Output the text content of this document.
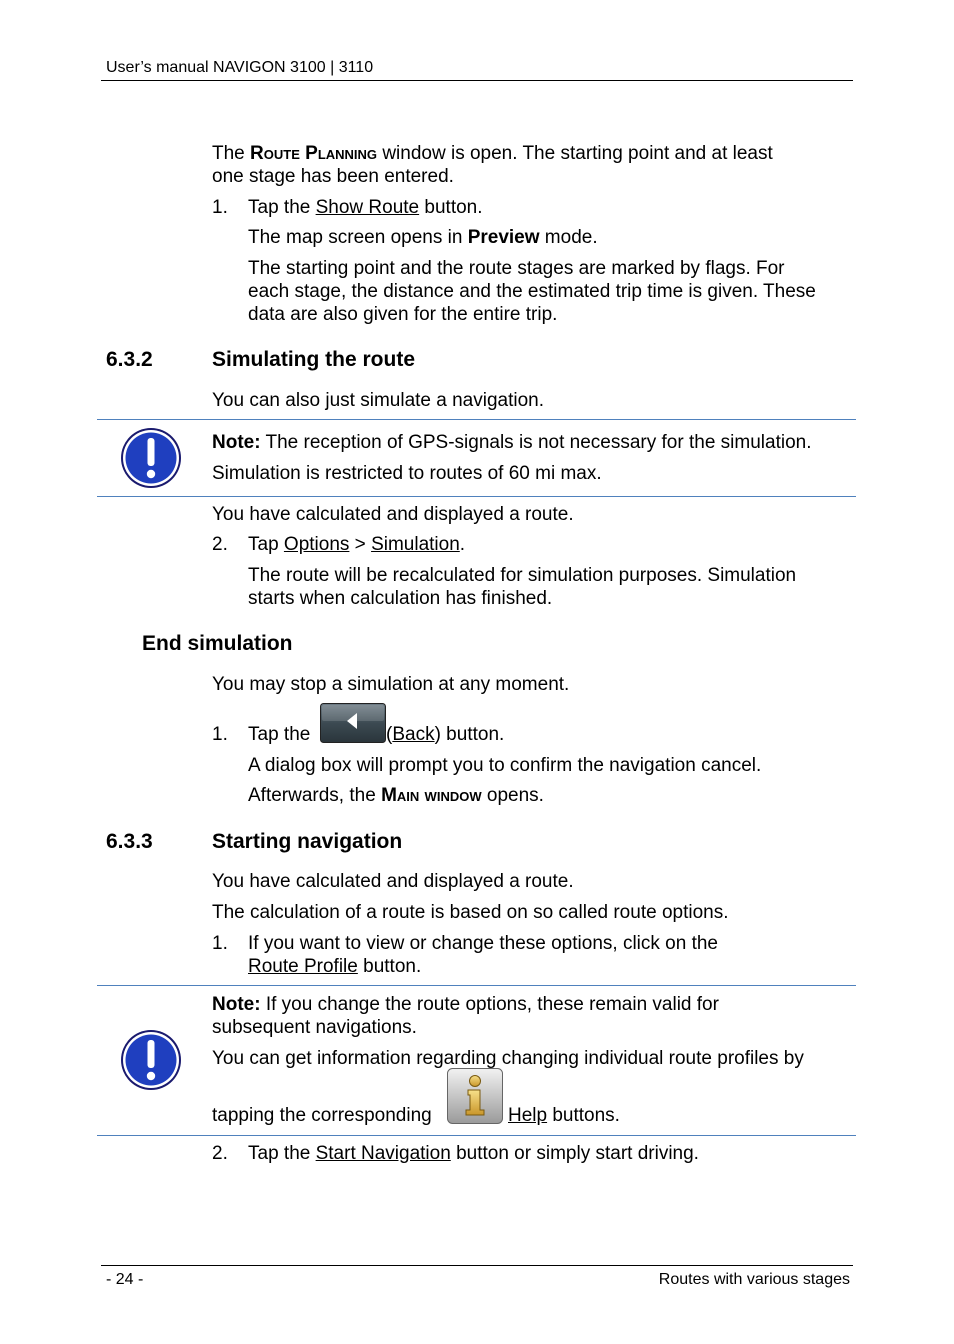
User’s manual NAVIGON 3100 | 3110
The Route Planning window is open. The starting point and at least
one stage has been entered.
1. Tap the Show Route button.
The map screen opens in Preview mode.
The starting point and the route stages are marked by flags. For
each stage, the distance and the estimated trip time is given. These
data are also given for the entire trip.
6.3.2	Simulating the route
You can also just simulate a navigation.
Note: The reception of GPS-signals is not necessary for the simulation.
Simulation is restricted to routes of 60 mi max.
You have calculated and displayed a route.
2. Tap Options > Simulation.
The route will be recalculated for simulation purposes. Simulation
starts when calculation has finished.
End simulation
You may stop a simulation at any moment.
1. Tap the	(Back) button.
A dialog box will prompt you to confirm the navigation cancel.
Afterwards, the Main window opens.
6.3.3	Starting navigation
You have calculated and displayed a route.
The calculation of a route is based on so called route options.
1. If you want to view or change these options, click on the
Route Profile button.
Note: If you change the route options, these remain valid for
subsequent navigations.
You can get information regarding changing individual route profiles by
tapping the corresponding	Help buttons.
2. Tap the Start Navigation button or simply start driving.
- 24 -	Routes with various stages
